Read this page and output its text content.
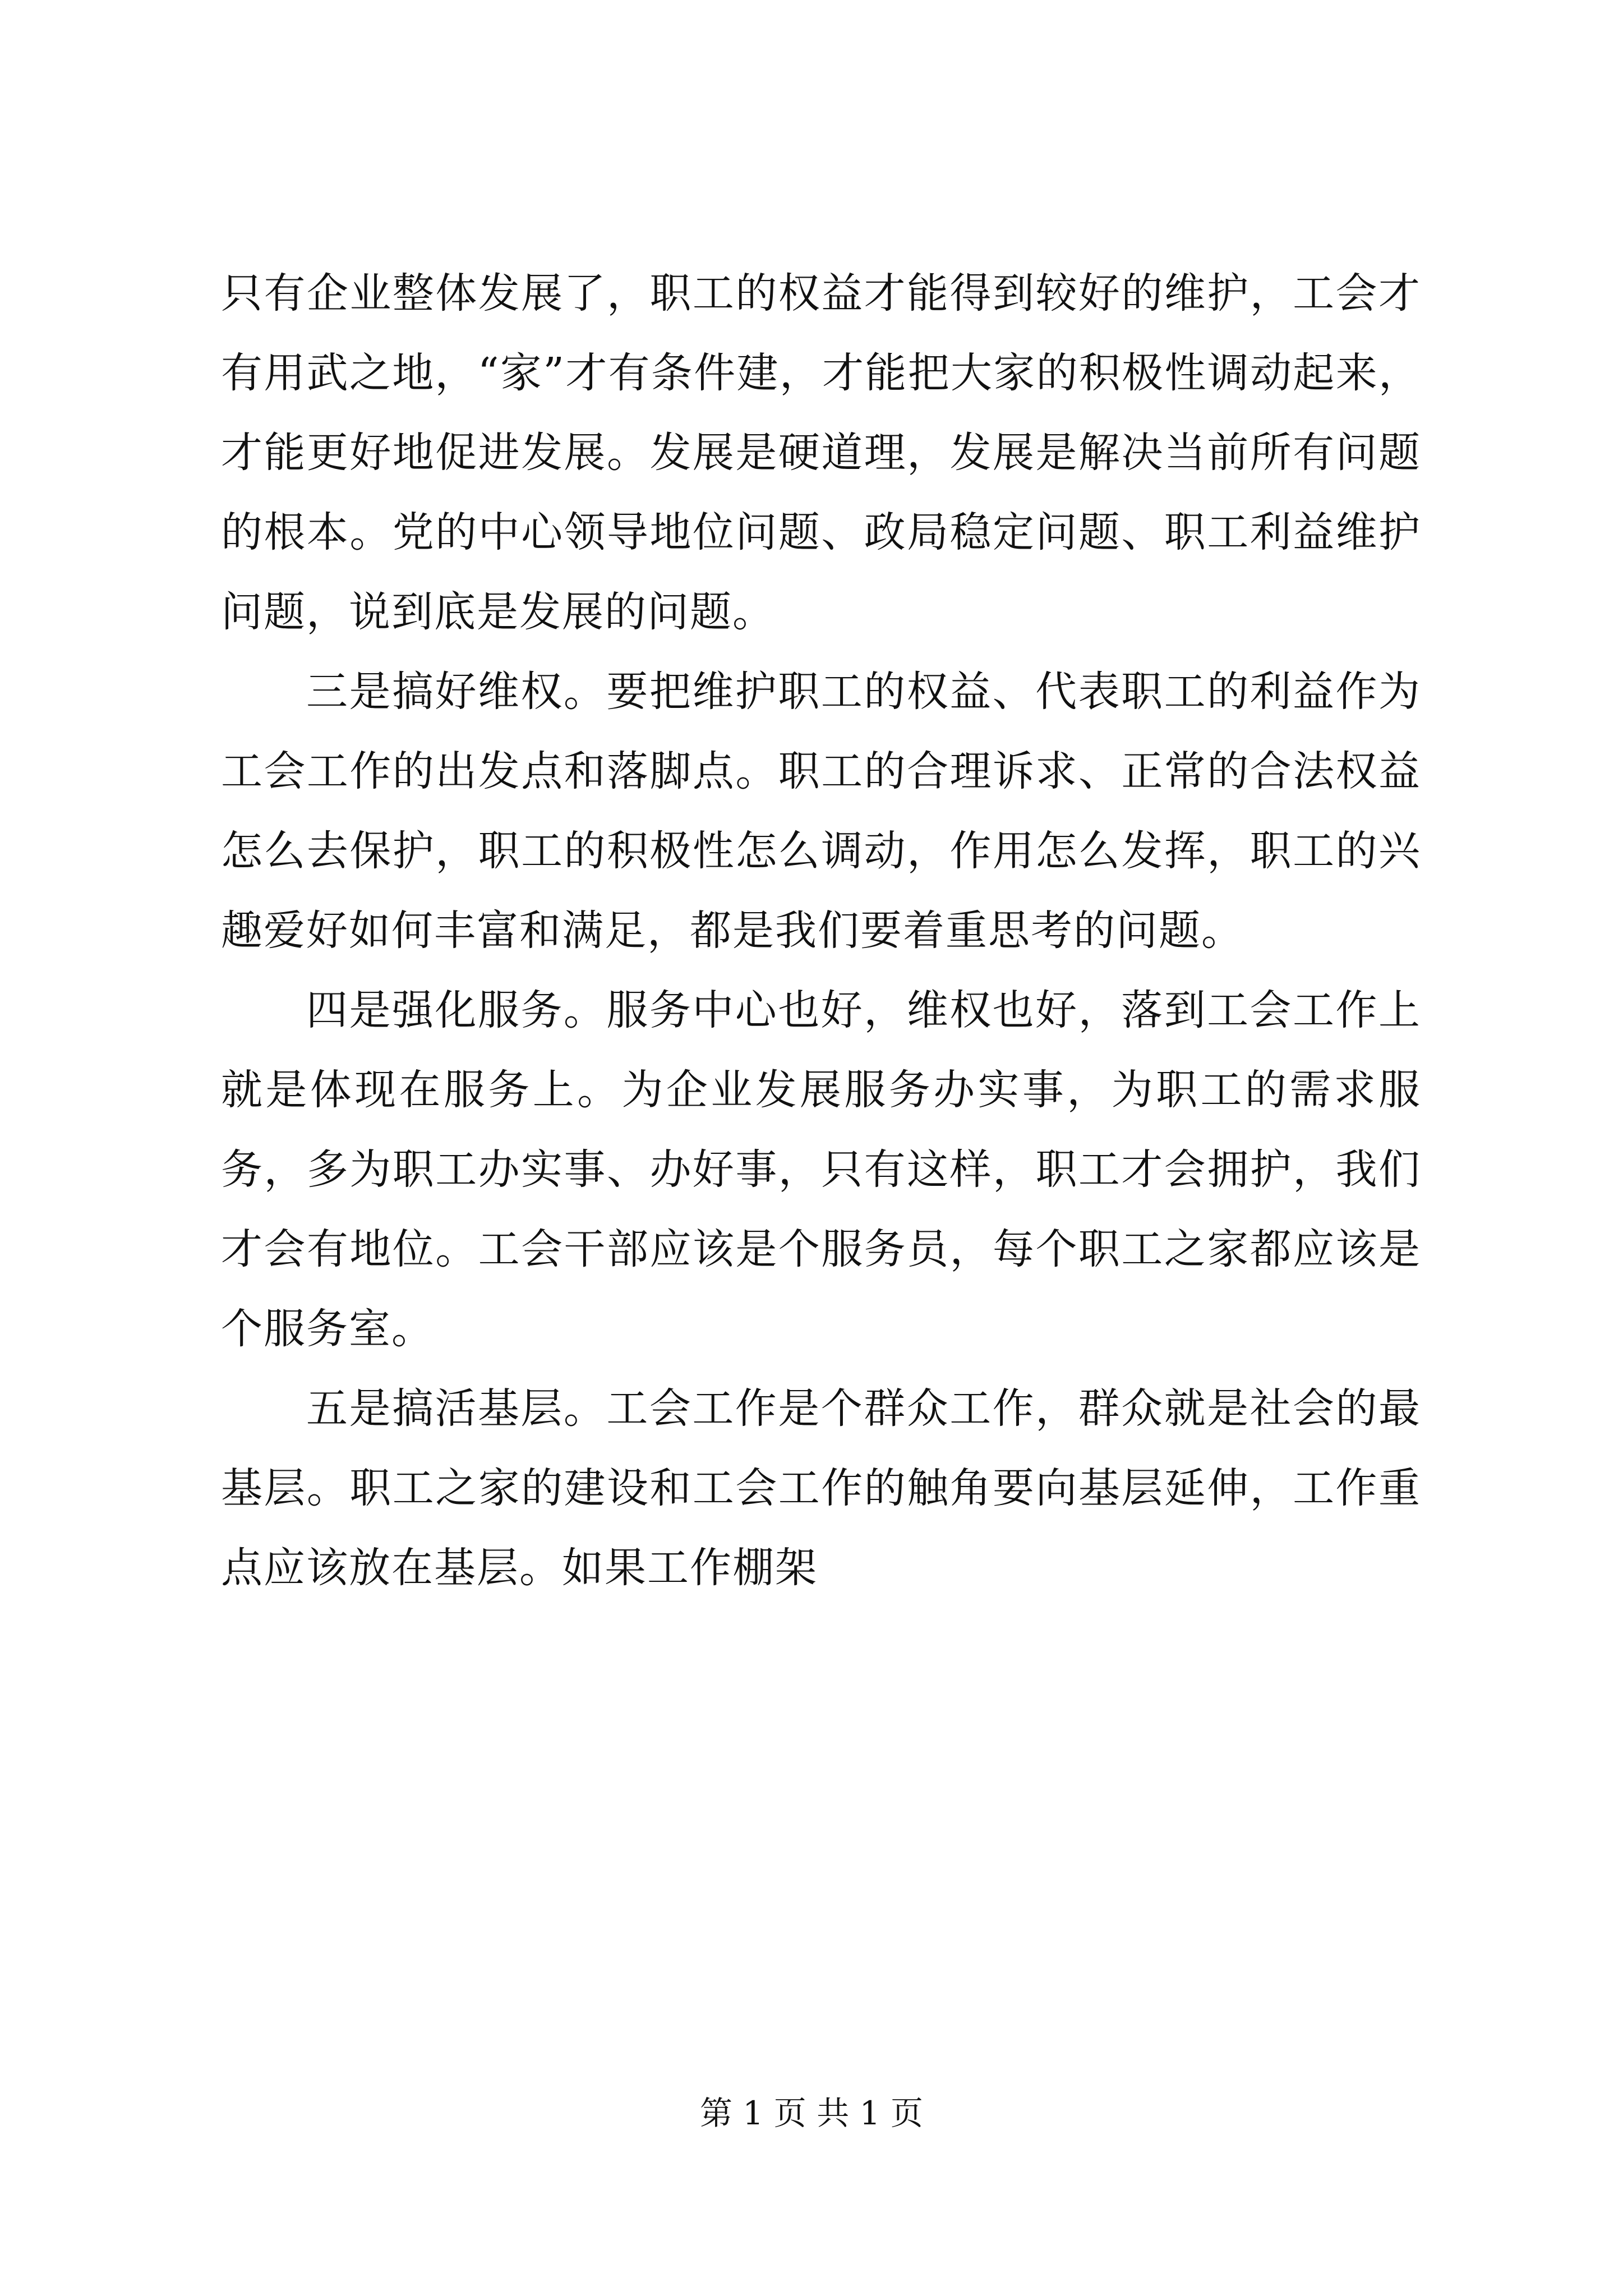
只有企业整体发展了，职工的权益才能得到较好的维护，工会才有用武之地，“家”才有条件建，才能把大家的积极性调动起来，才能更好地促进发展。发展是硬道理，发展是解决当前所有问题的根本。党的中心领导地位问题、政局稳定问题、职工利益维护问题，说到底是发展的问题。

三是搞好维权。要把维护职工的权益、代表职工的利益作为工会工作的出发点和落脚点。职工的合理诉求、正常的合法权益怎么去保护，职工的积极性怎么调动，作用怎么发挥，职工的兴趣爱好如何丰富和满足，都是我们要着重思考的问题。

四是强化服务。服务中心也好，维权也好，落到工会工作上就是体现在服务上。为企业发展服务办实事，为职工的需求服务，多为职工办实事、办好事，只有这样，职工才会拥护，我们才会有地位。工会干部应该是个服务员，每个职工之家都应该是个服务室。

五是搞活基层。工会工作是个群众工作，群众就是社会的最基层。职工之家的建设和工会工作的触角要向基层延伸，工作重点应该放在基层。如果工作棚架

第 1 页 共 1 页
